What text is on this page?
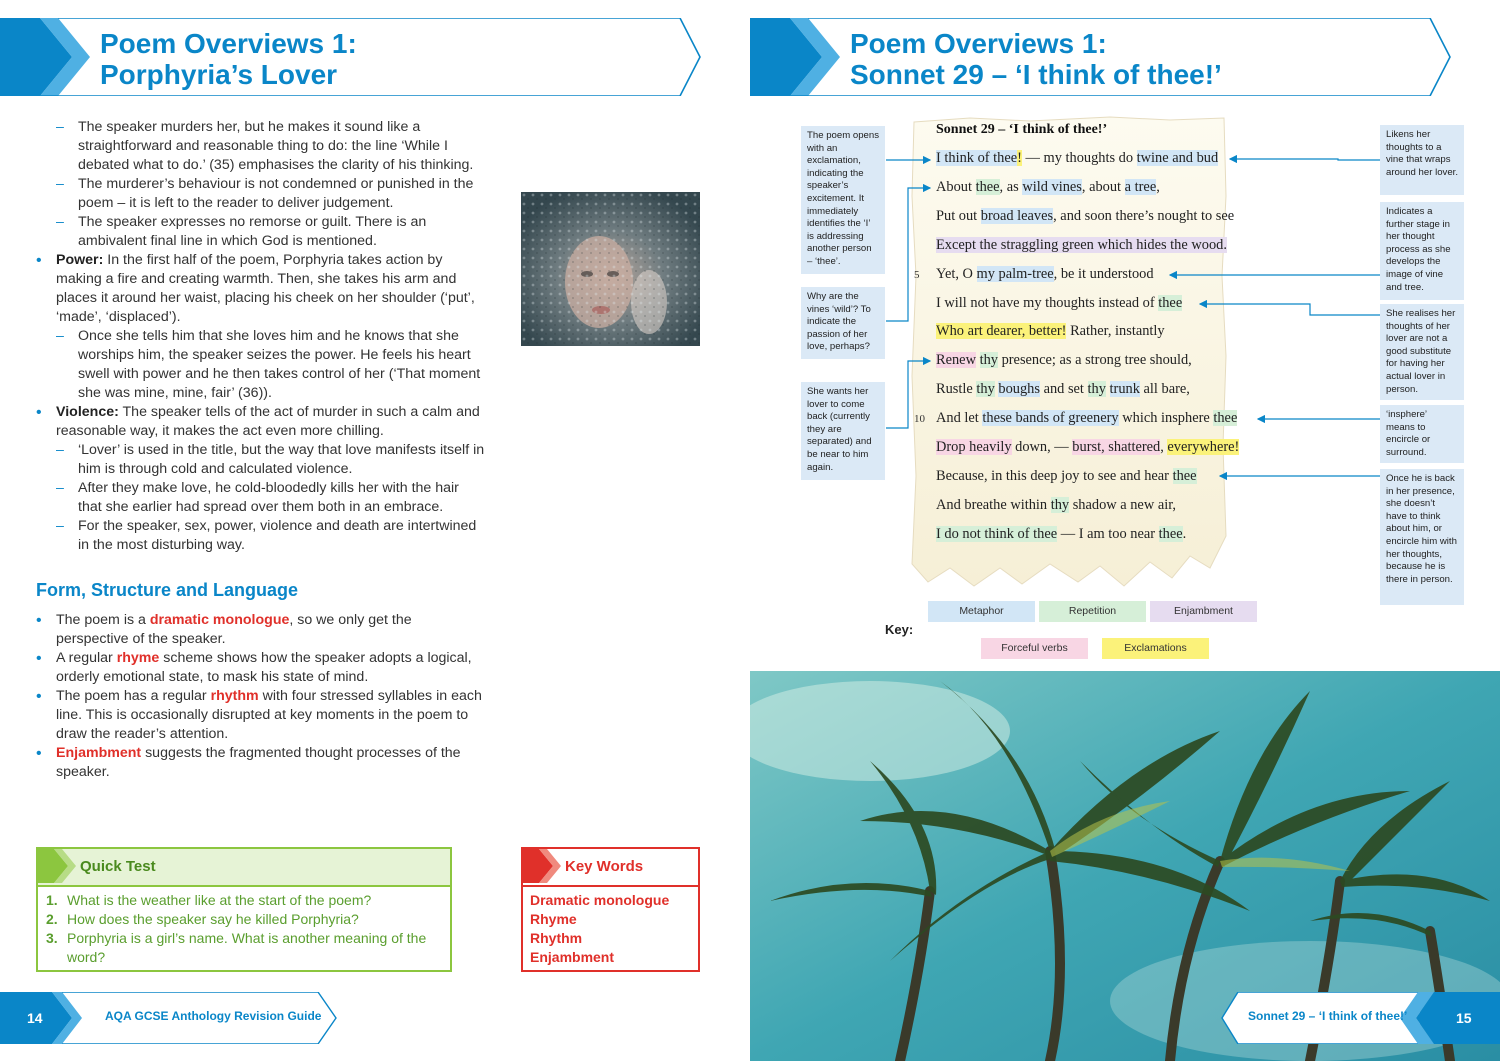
Poem Overviews 1:
Porphyria’s Lover
– The speaker murders her, but he makes it sound like a straightforward and reasonable thing to do: the line ‘While I debated what to do.’ (35) emphasises the clarity of his thinking.
– The murderer’s behaviour is not condemned or punished in the poem – it is left to the reader to deliver judgement.
– The speaker expresses no remorse or guilt. There is an ambivalent final line in which God is mentioned.
• Power: In the first half of the poem, Porphyria takes action by making a fire and creating warmth. Then, she takes his arm and places it around her waist, placing his cheek on her shoulder (‘put’, ‘made’, ‘displaced’).
– Once she tells him that she loves him and he knows that she worships him, the speaker seizes the power. He feels his heart swell with power and he then takes control of her (‘That moment she was mine, mine, fair’ (36)).
• Violence: The speaker tells of the act of murder in such a calm and reasonable way, it makes the act even more chilling.
– ‘Lover’ is used in the title, but the way that love manifests itself in him is through cold and calculated violence.
– After they make love, he cold-bloodedly kills her with the hair that she earlier had spread over them both in an embrace.
– For the speaker, sex, power, violence and death are intertwined in the most disturbing way.
Form, Structure and Language
• The poem is a dramatic monologue, so we only get the perspective of the speaker.
• A regular rhyme scheme shows how the speaker adopts a logical, orderly emotional state, to mask his state of mind.
• The poem has a regular rhythm with four stressed syllables in each line. This is occasionally disrupted at key moments in the poem to draw the reader’s attention.
• Enjambment suggests the fragmented thought processes of the speaker.
Quick Test
1. What is the weather like at the start of the poem?
2. How does the speaker say he killed Porphyria?
3. Porphyria is a girl’s name. What is another meaning of the word?
Key Words
Dramatic monologue
Rhyme
Rhythm
Enjambment
14	AQA GCSE Anthology Revision Guide
Poem Overviews 1:
Sonnet 29 – ‘I think of thee!’
Sonnet 29 – ‘I think of thee!’
5
10
I think of thee! — my thoughts do twine and bud
About thee, as wild vines, about a tree,
Put out broad leaves, and soon there’s nought to see
Except the straggling green which hides the wood.
Yet, O my palm-tree, be it understood
I will not have my thoughts instead of thee
Who art dearer, better! Rather, instantly
Renew thy presence; as a strong tree should,
Rustle thy boughs and set thy trunk all bare,
And let these bands of greenery which insphere thee
Drop heavily down, — burst, shattered, everywhere!
Because, in this deep joy to see and hear thee
And breathe within thy shadow a new air,
I do not think of thee — I am too near thee.
The poem opens with an exclamation, indicating the speaker’s excitement. It immediately identifies the ‘I’ is addressing another person – ‘thee’.
Why are the vines ‘wild’? To indicate the passion of her love, perhaps?
She wants her lover to come back (currently they are separated) and be near to him again.
Likens her thoughts to a vine that wraps around her lover.
Indicates a further stage in her thought process as she develops the image of vine and tree.
She realises her thoughts of her lover are not a good substitute for having her actual lover in person.
‘insphere’ means to encircle or surround.
Once he is back in her presence, she doesn’t have to think about him, or encircle him with her thoughts, because he is there in person.
Key:
Metaphor	Repetition	Enjambment
Forceful verbs	Exclamations
Sonnet 29 – ‘I think of thee!’	15
